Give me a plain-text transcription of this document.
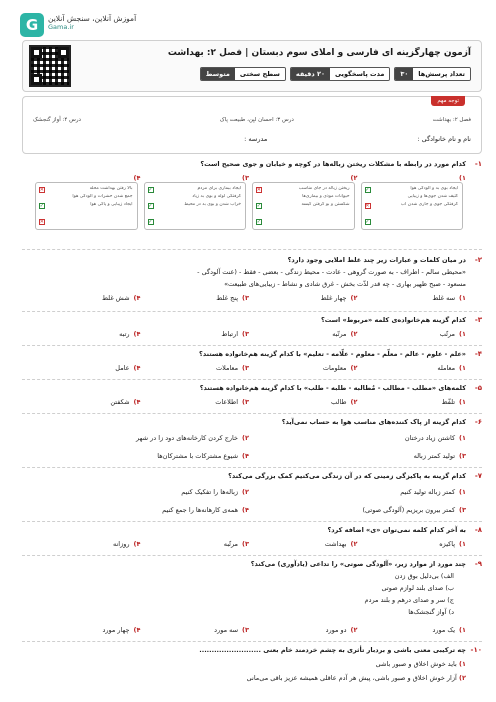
G	آموزش آنلاین، سنجش آنلاین
Gama.ir
آزمون چهارگزینه ای فارسی و املای سوم دبستان | فصل ۲: بهداشت
تعداد پرسش‌ها
۳۰
مدت پاسخگویی
۲۰ دقیقه
سطح سختی
متوسط
توجه مهم
فصل ۲: بهداشت
درس ۳: احسان لیِن، طبیعت پاک
درس ۴: آواز گنجشک
نام و نام خانوادگی :
مدرسه :
۱-
کدام مورد در رابطه با مشکلات ریختن زباله‌ها در کوچه و خیابان و جوی صحیح است؟
۱)
ایجاد بوی بد و آلودگی هوا
کثیف شدن جوی‌ها و زیبایی
گرفتگی جوی و جاری شدن آب
✓
✕
✓
۲)
ریختن زباله در جای مناسب
حیوانات موذی و بیماری‌ها
شکستن و بو گرفتن کیسه
✕
✓
✓
۳)
ایجاد بیماری برای مردم
گرفتگی لوله و بوی بد زیاد
خراب شدن و بوی بد در محیط
✓
✓
✓
۴)
بالا رفتن بهداشت محله
جمع شدن حشرات و آلودگی هوا
ایجاد زیبایی و پاکی هوا
✕
✓
✕
۲-
در میان کلمات و عبارات زیر چند غلط املایی وجود دارد؟
«محیطی سالم - اطراف - به صورت گروهی - عادت - محیط زندگی - بعضی - فقط - (عنت آلودگی -
مسعود - صبح ظهیر بهاری - چه قدر لذّت بخش - غرق شادی و نشاط - زیبایی‌های طبیعت»
۱)سه غلط
۲)چهار غلط
۳)پنج غلط
۴)شش غلط
۳-
کدام گزینه هم‌خانواده‌ی کلمه «مربوط» است؟
۱)مرتّب
۲)مرتّبه
۳)ارتباط
۴)رتبه
۴-
«علم - علوم - عالم - معلّم - معلوم - علّامه - تعلیم» با کدام گزینه هم‌خانواده هستند؟
۱)معامله
۲)معلومات
۳)معاملات
۴)عامل
۵-
کلمه‌های «مطلب - مطالب - مُطالبه - طلبه - طلب» با کدام گزینه هم‌خانواده هستند؟
۱)تلفّظ
۲)طالب
۳)اطلاعات
۴)شکفتن
۶-
کدام گزینه از پاک کننده‌های مناسب هوا به حساب نمی‌آید؟
۱)کاشتن زیاد درختان
۲)خارج کردن کارخانه‌های دود زا در شهر
۳)تولید کمتر زباله
۴)شیوع مشترکات با مشترکان‌ها
۷-
کدام گزینه به پاکیزگی زمینی که در آن زندگی می‌کنیم کمک بزرگی می‌کند؟
۱)کمتر زباله تولید کنیم
۲)زباله‌ها را تفکیک کنیم
۳)کمتر بیرون بریزیم (آلودگی صوتی)
۴)همه‌ی کارهانه‌ها را جمع کنیم
۸-
به آخر کدام کلمه نمی‌توان «ی» اضافه کرد؟
۱)پاکیزه
۲)بهداشت
۳)مرتّبه
۴)روزانه
۹-
چند مورد از موارد زیر، «آلودگی صوتی» را تداعی (یادآوری) می‌کند؟
الف) بی‌دلیل بوق زدن
ب) صدای بلند لوازم صوتی
ج) سر و صدای درهم و بلند مردم
د) آواز گنجشک‌ها
۱)یک مورد
۲)دو مورد
۳)سه مورد
۴)چهار مورد
۱۰-
چه ترکیبی معنی باشی و بردبار تأثری به چشم خردمند خام بعنی .........................
۱) باید خوش اخلاق و صبور باشی
۲) آزار خوش اخلاق و صبور باشی، پیش هر آدم عاقلی همیشه عزیز باقی می‌مانی
